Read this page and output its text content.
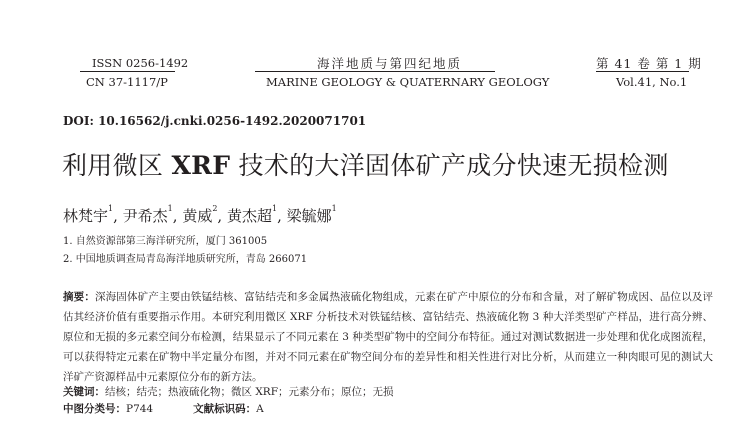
ISSN 0256-1492
CN 37-1117/P
海洋地质与第四纪地质
MARINE GEOLOGY & QUATERNARY GEOLOGY
第 41 卷 第 1 期
Vol.41, No.1
DOI: 10.16562/j.cnki.0256-1492.2020071701
利用微区 XRF 技术的大洋固体矿产成分快速无损检测
林梵宇$^1$, 尹希杰$^1$, 黄威$^2$, 黄杰超$^1$, 梁毓娜$^1$
1. 自然资源部第三海洋研究所，厦门 361005
2. 中国地质调查局青岛海洋地质研究所，青岛 266071
摘要：深海固体矿产主要由铁锰结核、富钴结壳和多金属热液硫化物组成，元素在矿产中原位的分布和含量，对了解矿物成因、品位以及评估其经济价值有重要指示作用。本研究利用微区 XRF 分析技术对铁锰结核、富钴结壳、热液硫化物 3 种大洋类型矿产样品，进行高分辨、原位和无损的多元素空间分布检测，结果显示了不同元素在 3 种类型矿物中的空间分布特征。通过对测试数据进一步处理和优化成图流程，可以获得特定元素在矿物中半定量分布图，并对不同元素在矿物空间分布的差异性和相关性进行对比分析，从而建立一种肉眼可见的测试大洋矿产资源样品中元素原位分布的新方法。
关键词：结核；结壳；热液硫化物；微区 XRF；元素分布；原位；无损
中图分类号：P744	文献标识码：A
